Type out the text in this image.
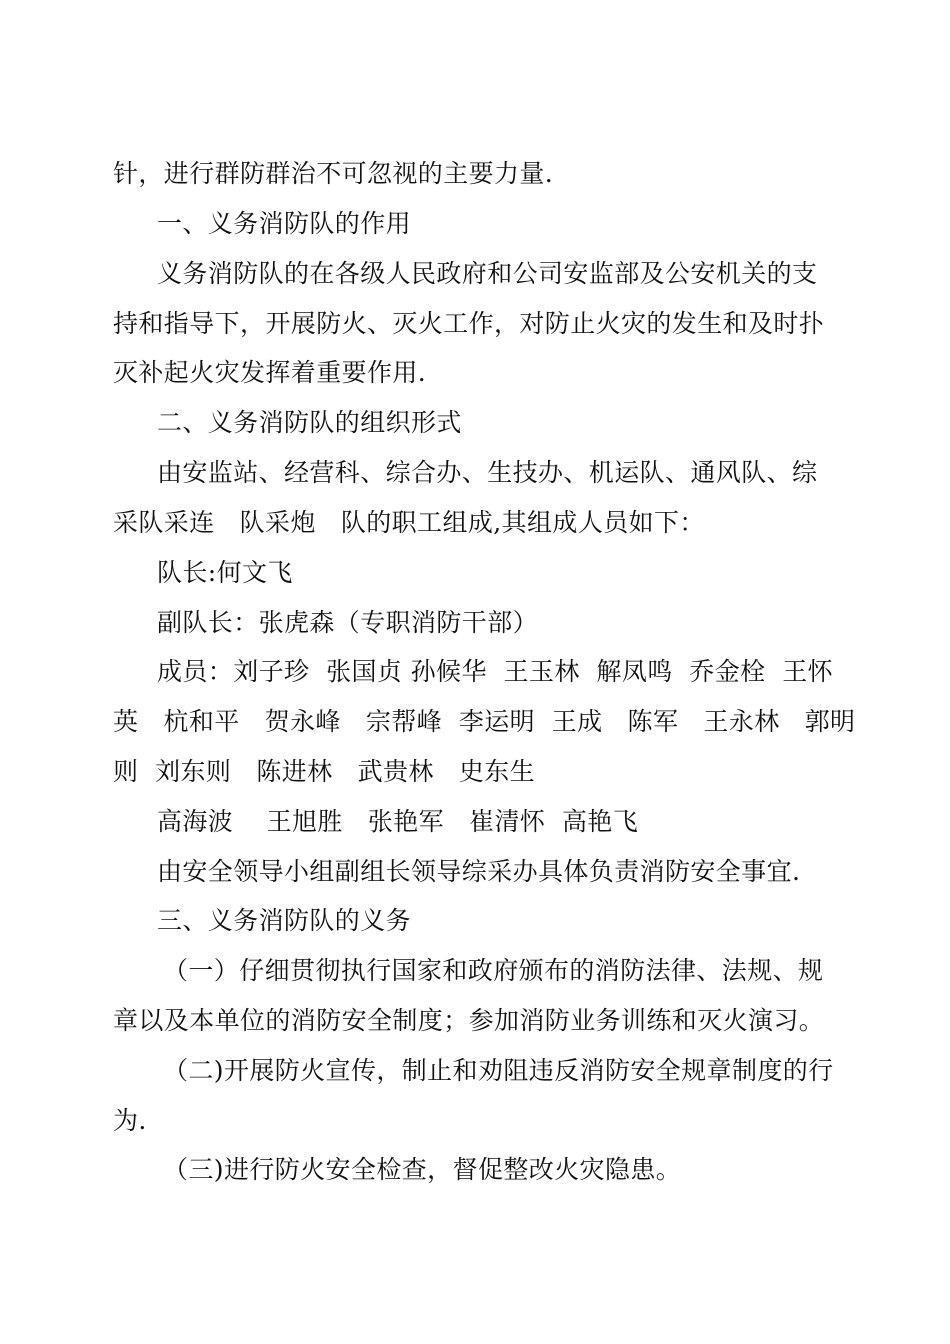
针，进行群防群治不可忽视的主要力量.
一、义务消防队的作用
义务消防队的在各级人民政府和公司安监部及公安机关的支
持和指导下，开展防火、灭火工作，对防止火灾的发生和及时扑
灭补起火灾发挥着重要作用.
二、义务消防队的组织形式
由安监站、经营科、综合办、生技办、机运队、通风队、综
采队采连   队采炮   队的职工组成,其组成人员如下：
队长:何文飞
副队长：张虎森（专职消防干部）
成员：刘子珍  张国贞 孙候华  王玉林  解凤鸣  乔金栓  王怀
英   杭和平   贺永峰   宗帮峰  李运明  王成   陈军   王永林   郭明
则  刘东则   陈进林   武贵林   史东生
高海波    王旭胜   张艳军   崔清怀  高艳飞
由安全领导小组副组长领导综采办具体负责消防安全事宜.
三、义务消防队的义务
（一）仔细贯彻执行国家和政府颁布的消防法律、法规、规
章以及本单位的消防安全制度；参加消防业务训练和灭火演习。
（二)开展防火宣传，制止和劝阻违反消防安全规章制度的行
为.
（三)进行防火安全检查，督促整改火灾隐患。
